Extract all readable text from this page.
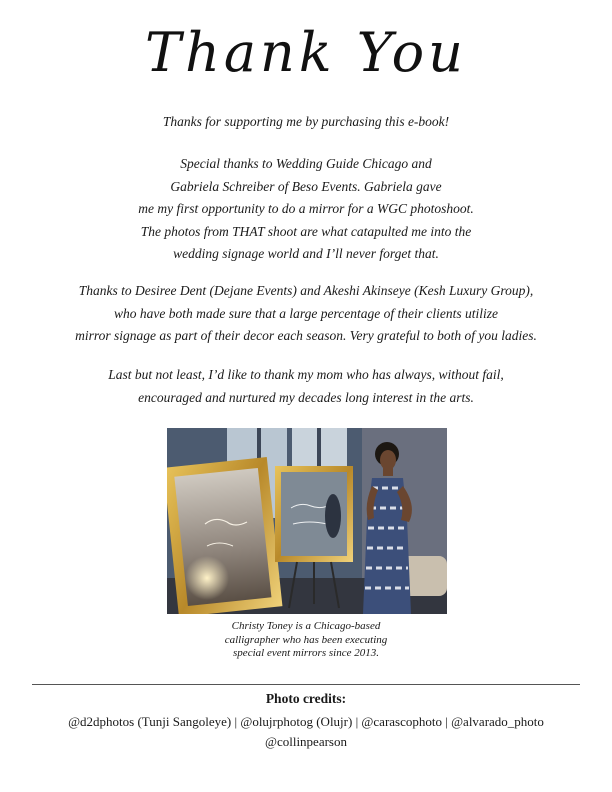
Thank You

Thanks for supporting me by purchasing this e-book!

Special thanks to Wedding Guide Chicago and

Gabriela Schreiber of Beso Events. Gabriela gave

me my first opportunity to do a mirror for a WGC photoshoot.

The photos from THAT shoot are what catapulted me into the

wedding signage world and I’ll never forget that.

Thanks to Desiree Dent (Dejane Events) and Akeshi Akinseye (Kesh Luxury Group),

who have both made sure that a large percentage of their clients utilize

mirror signage as part of their decor each season. Very grateful to both of you ladies.

Last but not least, I’d like to thank my mom who has always, without fail,

encouraged and nurtured my decades long interest in the arts.

Christy Toney is a Chicago-based

calligrapher who has been executing

special event mirrors since 2013.

Photo credits:
@d2dphotos (Tunji Sangoleye) | @olujrphotog (Olujr) | @carascophoto | @alvarado_photo
@collinpearson
